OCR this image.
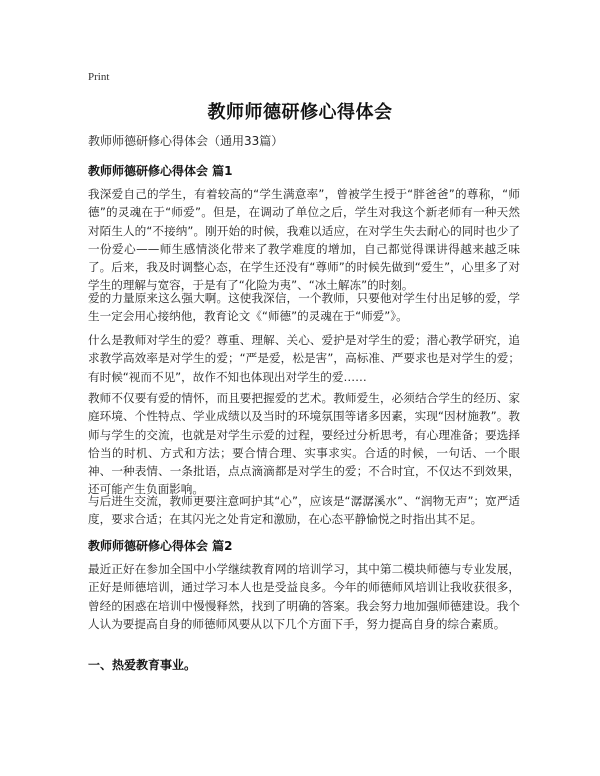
Print
教师师德研修心得体会
教师师德研修心得体会（通用33篇）
教师师德研修心得体会 篇1

我深爱自己的学生，有着较高的“学生满意率”，曾被学生授于“胖爸爸”的尊称，“师德”的灵魂在于“师爱”。但是，在调动了单位之后，学生对我这个新老师有一种天然对陌生人的“不接纳”。刚开始的时候，我难以适应，在对学生失去耐心的同时也少了一份爱心——师生感情淡化带来了教学难度的增加，自己都觉得课讲得越来越乏味了。后来，我及时调整心态，在学生还没有“尊师”的时候先做到“爱生”，心里多了对学生的理解与宽容，于是有了“化险为夷”、“冰土解冻”的时刻。

爱的力量原来这么强大啊。这使我深信，一个教师，只要他对学生付出足够的爱，学生一定会用心接纳他，教育论文《“师德”的灵魂在于“师爱”》。

什么是教师对学生的爱？尊重、理解、关心、爱护是对学生的爱；潜心教学研究，追求教学高效率是对学生的爱；“严是爱，松是害”，高标准、严要求也是对学生的爱；有时候“视而不见”，故作不知也体现出对学生的爱……

教师不仅要有爱的情怀，而且要把握爱的艺术。教师爱生，必须结合学生的经历、家庭环境、个性特点、学业成绩以及当时的环境氛围等诸多因素，实现“因材施教”。教师与学生的交流，也就是对学生示爱的过程，要经过分析思考，有心理准备；要选择恰当的时机、方式和方法；要合情合理、实事求实。合适的时候，一句话、一个眼神、一种表情、一条批语，点点滴滴都是对学生的爱；不合时宜，不仅达不到效果，还可能产生负面影响。

与后进生交流，教师更要注意呵护其“心”，应该是“潺潺溪水”、“润物无声”；宽严适度，要求合适；在其闪光之处肯定和激励，在心态平静愉悦之时指出其不足。

教师师德研修心得体会 篇2

最近正好在参加全国中小学继续教育网的培训学习，其中第二模块师德与专业发展，正好是师德培训，通过学习本人也是受益良多。今年的师德师风培训让我收获很多，曾经的困惑在培训中慢慢释然，找到了明确的答案。我会努力地加强师德建设。我个人认为要提高自身的师德师风要从以下几个方面下手，努力提高自身的综合素质。

一、热爱教育事业。
